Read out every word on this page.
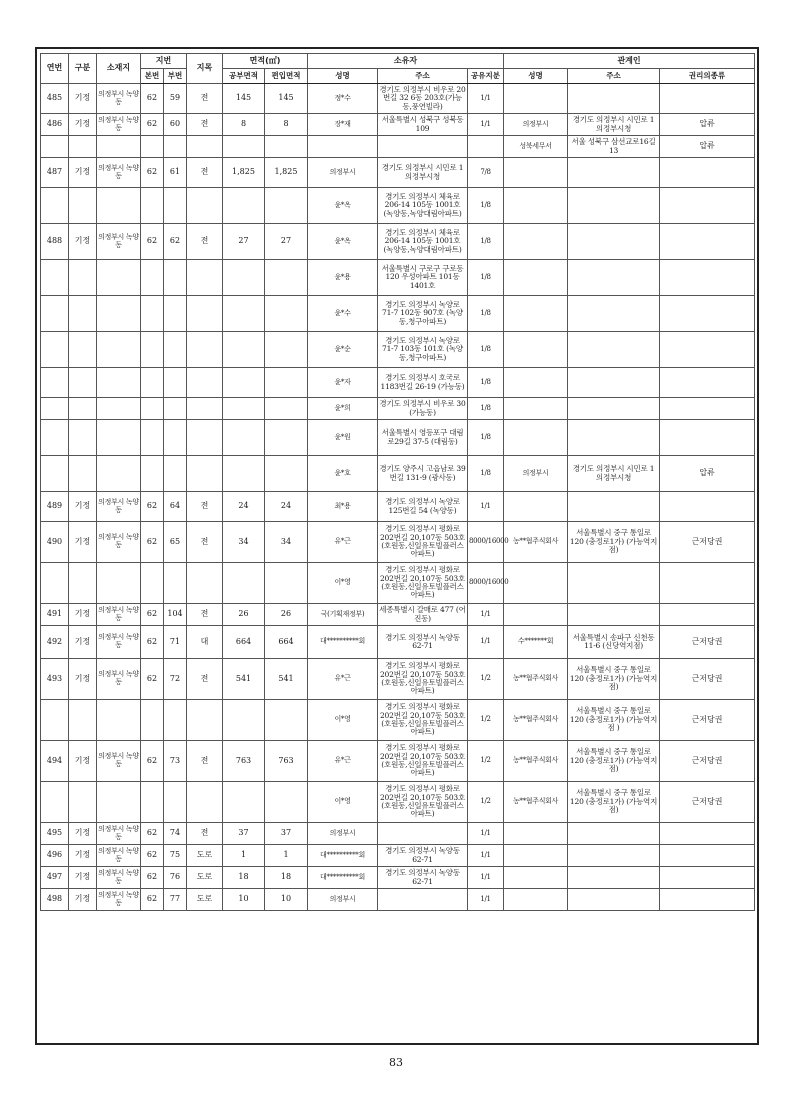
연번	구분	소재지	지번		지목	면적(㎡)		소유자			관계인		
			본번	부번		공부면적	편입면적	성명	주소	공유지분	성명	주소	권리의종류
485	기정	의정부시 녹양동	62	59	전	145	145	정*수	경기도 의정부시 비우로 20번길 32 6동 203호(가능동,풍연빌라)	1/1			
486	기정	의정부시 녹양동	62	60	전	8	8	장*재	서울특별시 성북구 성북동 109	1/1	의정부시	경기도 의정부시 시민로 1 의정부시청	압류
											성북세무서	서울 성북구 삼선교로16길 13	압류
487	기정	의정부시 녹양동	62	61	전	1,825	1,825	의정부시	경기도 의정부시 시민로 1 의정부시청	7/8			
								윤*옥	경기도 의정부시 체육로 206-14 105동 1001호 (녹양동,녹양대림아파트)	1/8			
488	기정	의정부시 녹양동	62	62	전	27	27	윤*옥	경기도 의정부시 체육로 206-14 105동 1001호 (녹양동,녹양대림아파트)	1/8			
								윤*용	서울특별시 구로구 구로동 120 우성아파트 101동1401호	1/8			
								윤*수	경기도 의정부시 녹양로 71-7 102동 907호 (녹양동,청구아파트)	1/8			
								윤*순	경기도 의정부시 녹양로 71-7 103동 101호 (녹양동,청구아파트)	1/8			
								윤*자	경기도 의정부시 호국로 1183번길 26-19 (가능동)	1/8			
								윤*희	경기도 의정부시 비우로 30 (가능동)	1/8			
								윤*원	서울특별시 영등포구 대림로29길 37-5 (대림동)	1/8			
								윤*호	경기도 양주시 고읍남로 39번길 131-9 (광사동)	1/8	의정부시	경기도 의정부시 시민로 1 의정부시청	압류
489	기정	의정부시 녹양동	62	64	전	24	24	최*용	경기도 의정부시 녹양로 125번길 54 (녹양동)	1/1			
490	기정	의정부시 녹양동	62	65	전	34	34	유*근	경기도 의정부시 평화로 202번길 20,107동 503호 (호원동,신일유토빌플러스아파트)	8000/16000	농**협주식회사	서울특별시 중구 통일로 120 (충정로1가) (가능역지점)	근저당권
								이*영	경기도 의정부시 평화로 202번길 20,107동 503호 (호원동,신일유토빌플러스아파트)	8000/16000			
491	기정	의정부시 녹양동	62	104	전	26	26	국(기획재정부)	세종특별시 갈매로 477 (어진동)	1/1			
492	기정	의정부시 녹양동	62	71	대	664	664	대**********회	경기도 의정부시 녹양동 62-71	1/1	수*******회	서울특별시 송파구 신천동 11-6 (신당역지점)	근저당권
493	기정	의정부시 녹양동	62	72	전	541	541	유*근	경기도 의정부시 평화로 202번길 20,107동 503호 (호원동,신일유토빌플러스아파트)	1/2	농**협주식회사	서울특별시 중구 통일로 120 (충정로1가) (가능역지점)	근저당권
								이*영	경기도 의정부시 평화로 202번길 20,107동 503호 (호원동,신일유토빌플러스아파트)	1/2	농**협주식회사	서울특별시 중구 통일로 120 (충정로1가) (가능역지점 )	근저당권
494	기정	의정부시 녹양동	62	73	전	763	763	유*근	경기도 의정부시 평화로 202번길 20,107동 503호 (호원동,신일유토빌플러스아파트)	1/2	농**협주식회사	서울특별시 중구 통일로 120 (충정로1가) (가능역지점)	근저당권
								이*영	경기도 의정부시 평화로 202번길 20,107동 503호 (호원동,신일유토빌플러스아파트)	1/2	농**협주식회사	서울특별시 중구 통일로 120 (충정로1가) (가능역지점)	근저당권
495	기정	의정부시 녹양동	62	74	전	37	37	의정부시		1/1			
496	기정	의정부시 녹양동	62	75	도로	1	1	대**********회	경기도 의정부시 녹양동 62-71	1/1			
497	기정	의정부시 녹양동	62	76	도로	18	18	대**********회	경기도 의정부시 녹양동 62-71	1/1			
498	기정	의정부시 녹양동	62	77	도로	10	10	의정부시		1/1			
83
